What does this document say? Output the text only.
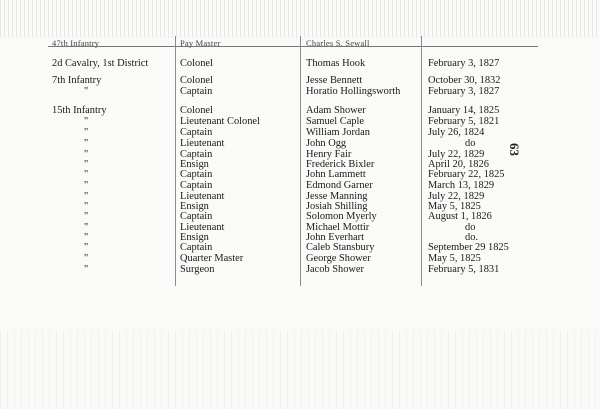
47th Infantry	Pay Master	Charles S. Sewall
2d Cavalry, 1st District	Colonel	Thomas Hook	February 3, 1827
7th Infantry	Colonel	Jesse Bennett	October 30, 1832
"	Captain	Horatio Hollingsworth	February 3, 1827
15th Infantry	Colonel	Adam Shower	January 14, 1825
"	Lieutenant Colonel	Samuel Caple	February 5, 1821
"	Captain	William Jordan	July 26, 1824
"	Lieutenant	John Ogg	do
"	Captain	Henry Fair	July 22, 1829
"	Ensign	Frederick Bixler	April 20, 1826
"	Captain	John Lammett	February 22, 1825
"	Captain	Edmond Garner	March 13, 1829
"	Lieutenant	Jesse Manning	July 22, 1829
"	Ensign	Josiah Shilling	May 5, 1825
"	Captain	Solomon Myerly	August 1, 1826
"	Lieutenant	Michael Mottir	do
"	Ensign	John Everhart	do.
"	Captain	Caleb Stansbury	September 29 1825
"	Quarter Master	George Shower	May 5, 1825
"	Surgeon	Jacob Shower	February 5, 1831
63
